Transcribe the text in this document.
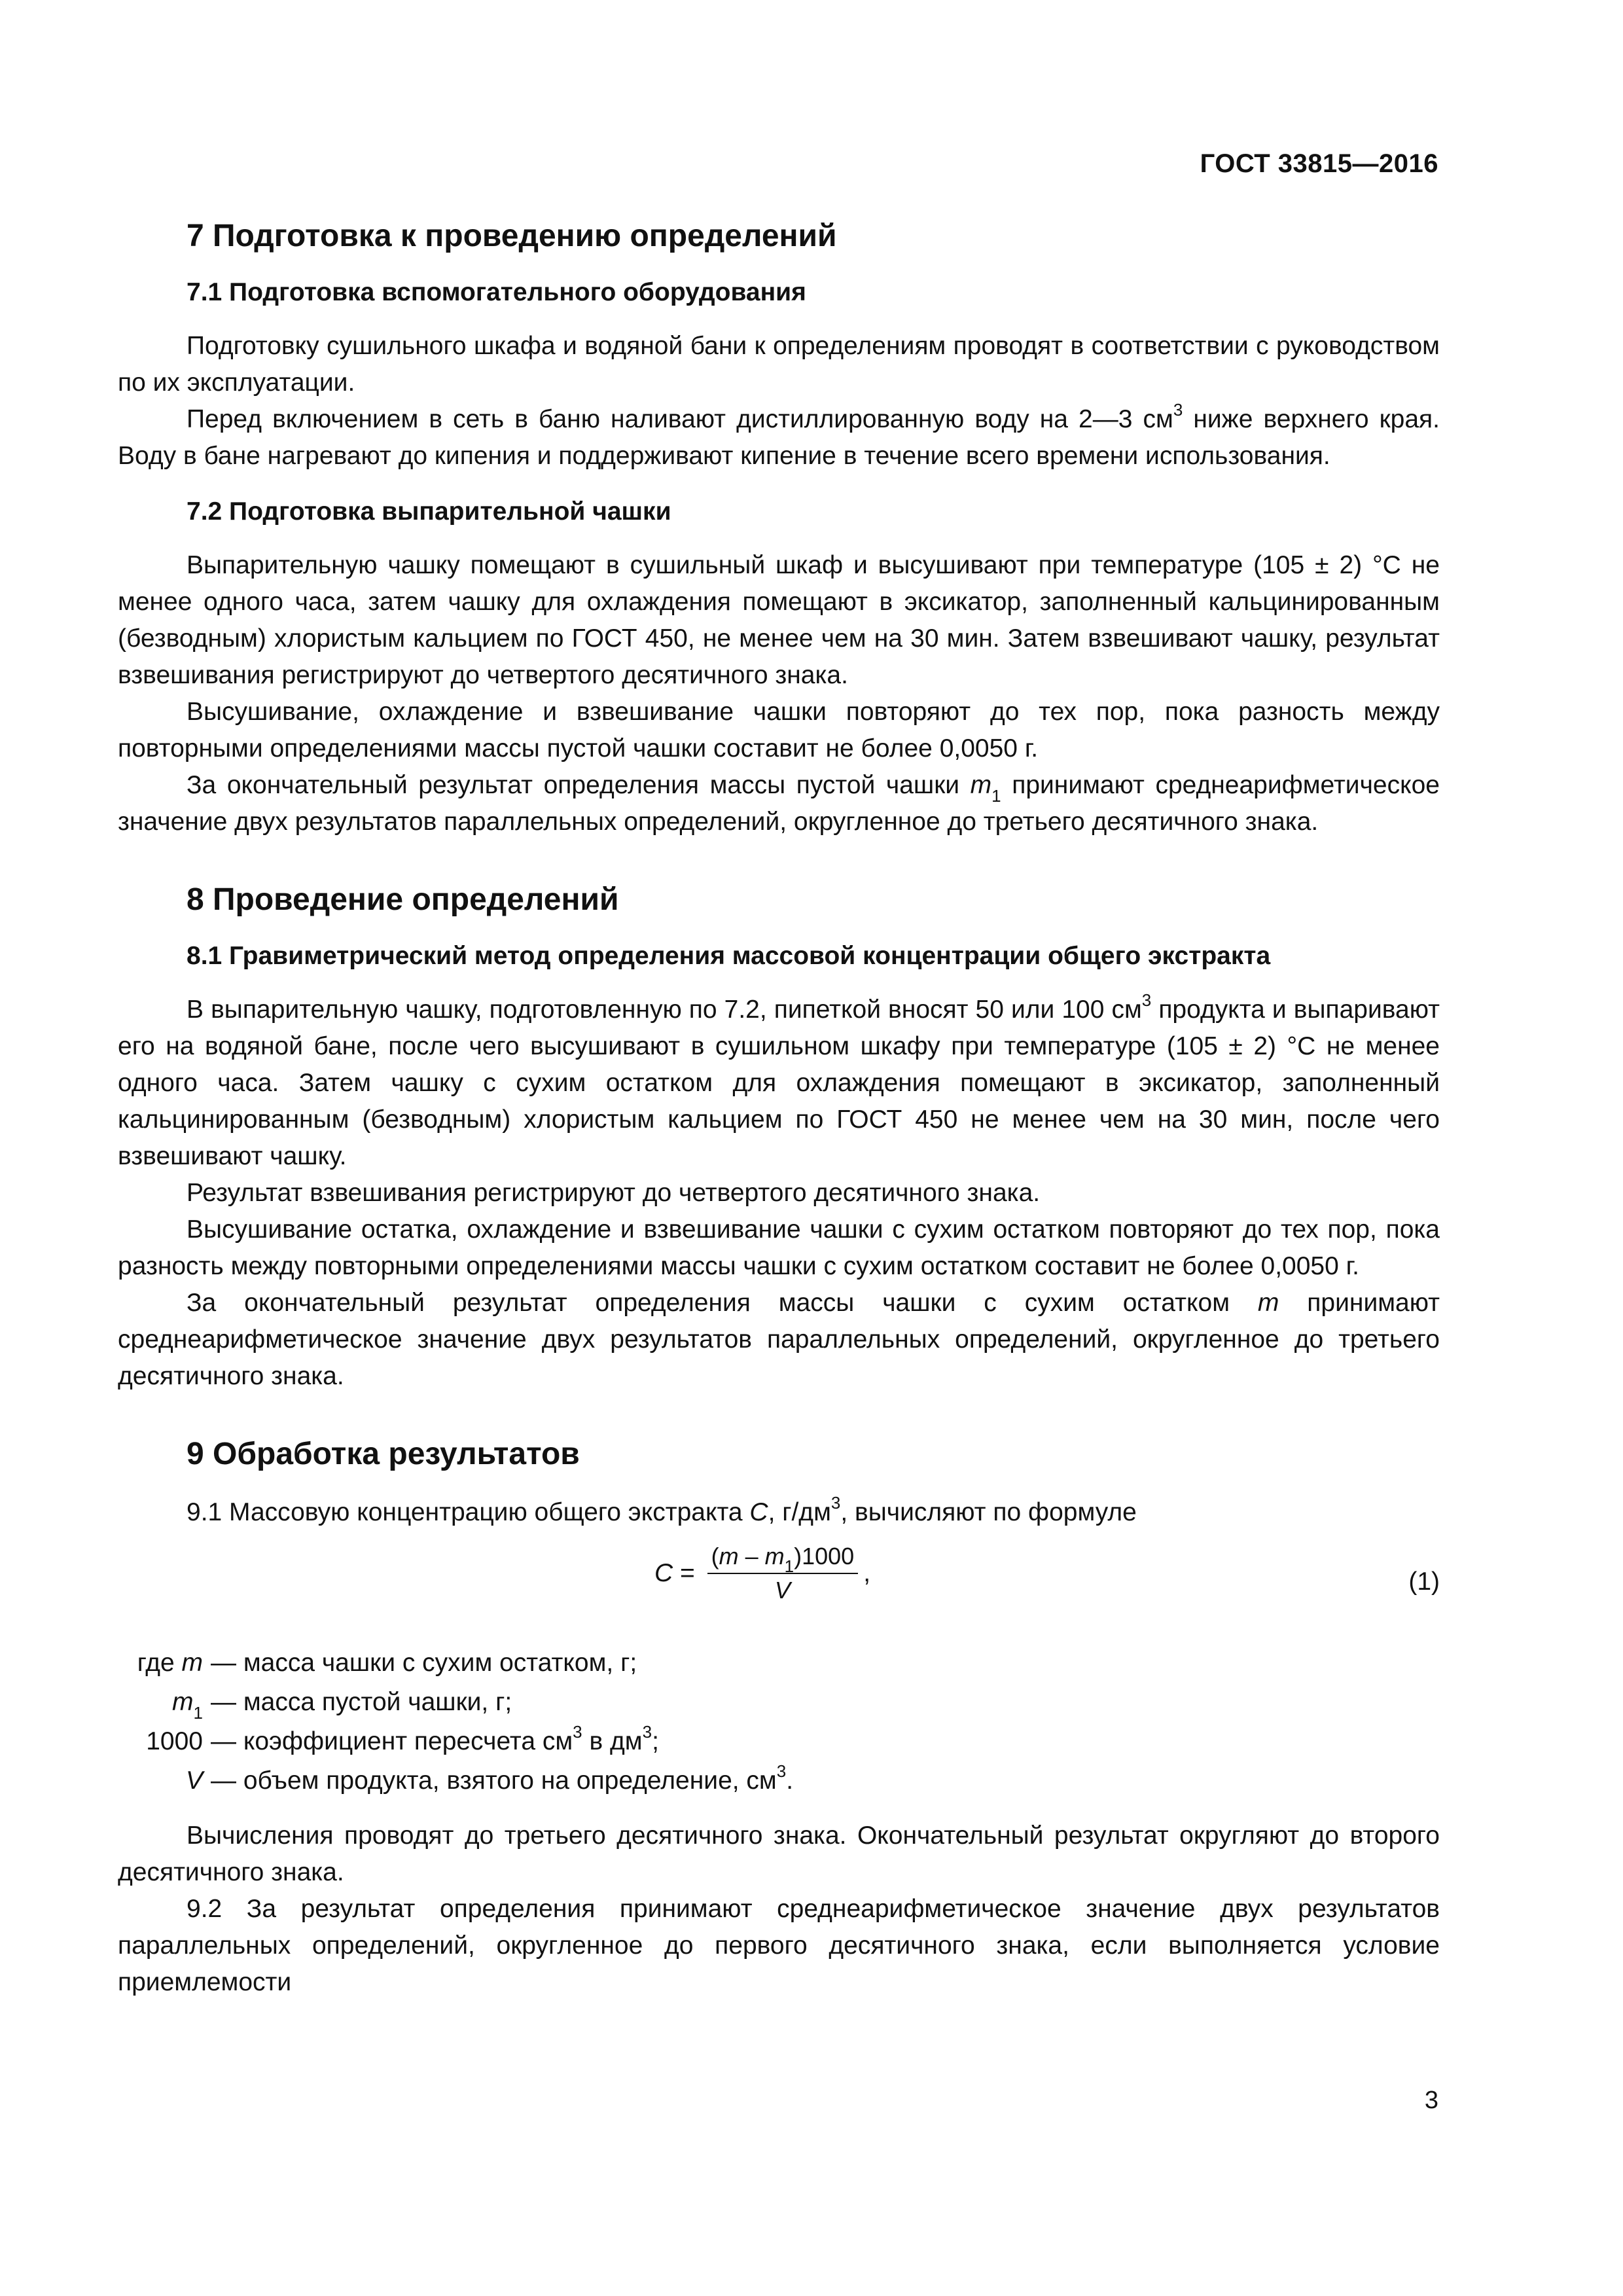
ГОСТ 33815—2016
7 Подготовка к проведению определений
7.1 Подготовка вспомогательного оборудования

Подготовку сушильного шкафа и водяной бани к определениям проводят в соответствии с руководством по их эксплуатации.

Перед включением в сеть в баню наливают дистиллированную воду на 2—3 $см^3$ ниже верхнего края. Воду в бане нагревают до кипения и поддерживают кипение в течение всего времени использования.

7.2 Подготовка выпарительной чашки

Выпарительную чашку помещают в сушильный шкаф и высушивают при температуре (105 ± 2) °С не менее одного часа, затем чашку для охлаждения помещают в эксикатор, заполненный кальцинированным (безводным) хлористым кальцием по ГОСТ 450, не менее чем на 30 мин. Затем взвешивают чашку, результат взвешивания регистрируют до четвертого десятичного знака.

Высушивание, охлаждение и взвешивание чашки повторяют до тех пор, пока разность между повторными определениями массы пустой чашки составит не более 0,0050 г.

За окончательный результат определения массы пустой чашки $m_1$ принимают среднеарифметическое значение двух результатов параллельных определений, округленное до третьего десятичного знака.

8 Проведение определений
8.1 Гравиметрический метод определения массовой концентрации общего экстракта

В выпарительную чашку, подготовленную по 7.2, пипеткой вносят 50 или 100 $см^3$ продукта и выпаривают его на водяной бане, после чего высушивают в сушильном шкафу при температуре (105 ± 2) °С не менее одного часа. Затем чашку с сухим остатком для охлаждения помещают в эксикатор, заполненный кальцинированным (безводным) хлористым кальцием по ГОСТ 450 не менее чем на 30 мин, после чего взвешивают чашку.

Результат взвешивания регистрируют до четвертого десятичного знака.

Высушивание остатка, охлаждение и взвешивание чашки с сухим остатком повторяют до тех пор, пока разность между повторными определениями массы чашки с сухим остатком составит не более 0,0050 г.

За окончательный результат определения массы чашки с сухим остатком m принимают среднеарифметическое значение двух результатов параллельных определений, округленное до третьего десятичного знака.

9 Обработка результатов

9.1 Массовую концентрацию общего экстракта С, $г/дм^3$, вычисляют по формуле

$C = \frac{(m - m_1)1000}{V}$ ,	(1)
где m — масса чашки с сухим остатком, г;
$m_1$ — масса пустой чашки, г;
1000 — коэффициент пересчета $см^3$ в $дм^3$;
V — объем продукта, взятого на определение, $см^3$.

Вычисления проводят до третьего десятичного знака. Окончательный результат округляют до второго десятичного знака.

9.2 За результат определения принимают среднеарифметическое значение двух результатов параллельных определений, округленное до первого десятичного знака, если выполняется условие приемлемости

3
